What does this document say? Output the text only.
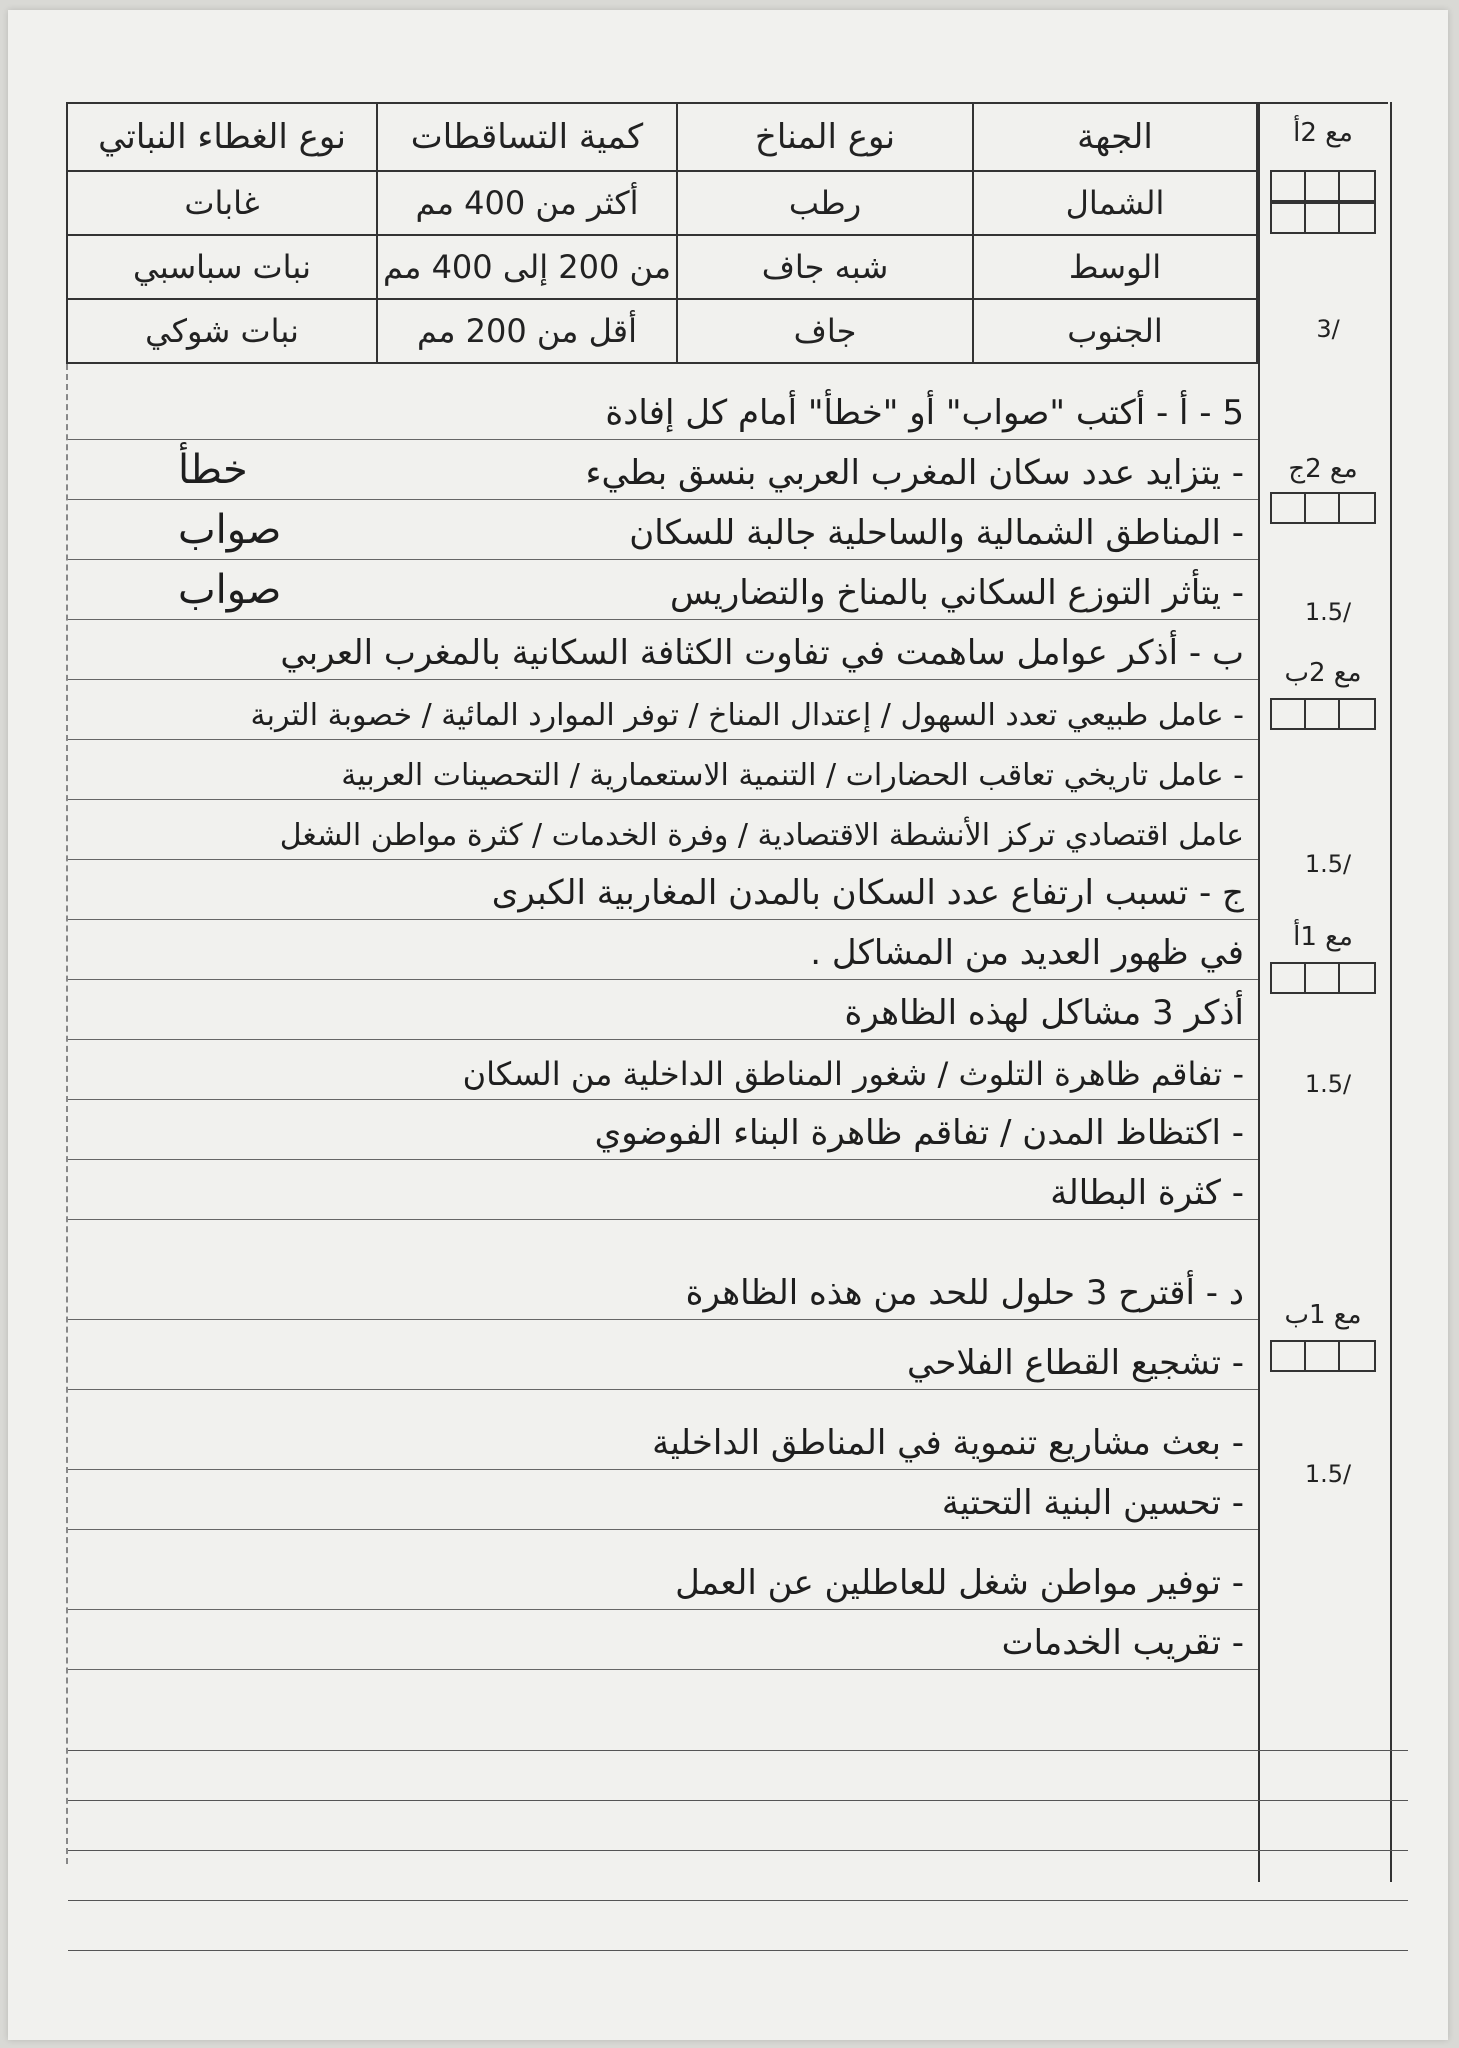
نوع الغطاء النباتي	كمية التساقطات	نوع المناخ	الجهة
غابات	أكثر من 400 مم	رطب	الشمال
نبات سباسبي	من 200 إلى 400 مم	شبه جاف	الوسط
نبات شوكي	أقل من 200 مم	جاف	الجنوب
مع 2أ
3/
مع 2ج
1.5/
مع 2ب
1.5/
مع 1أ
1.5/
مع 1ب
1.5/
5 - أ - أكتب "صواب" أو "خطأ" أمام كل إفادة
- يتزايد عدد سكان المغرب العربي بنسق بطيء
خطأ
- المناطق الشمالية والساحلية جالبة للسكان
صواب
- يتأثر التوزع السكاني بالمناخ والتضاريس
صواب
ب - أذكر عوامل ساهمت في تفاوت الكثافة السكانية بالمغرب العربي
- عامل طبيعي تعدد السهول / إعتدال المناخ / توفر الموارد المائية / خصوبة التربة
- عامل تاريخي تعاقب الحضارات / التنمية الاستعمارية / التحصينات العربية
عامل اقتصادي تركز الأنشطة الاقتصادية / وفرة الخدمات / كثرة مواطن الشغل
ج - تسبب ارتفاع عدد السكان بالمدن المغاربية الكبرى
في ظهور العديد من المشاكل .
أذكر 3 مشاكل لهذه الظاهرة
- تفاقم ظاهرة التلوث / شغور المناطق الداخلية من السكان
- اكتظاظ المدن / تفاقم ظاهرة البناء الفوضوي
- كثرة البطالة
د - أقترح 3 حلول للحد من هذه الظاهرة
- تشجيع القطاع الفلاحي
- بعث مشاريع تنموية في المناطق الداخلية
- تحسين البنية التحتية
- توفير مواطن شغل للعاطلين عن العمل
- تقريب الخدمات
